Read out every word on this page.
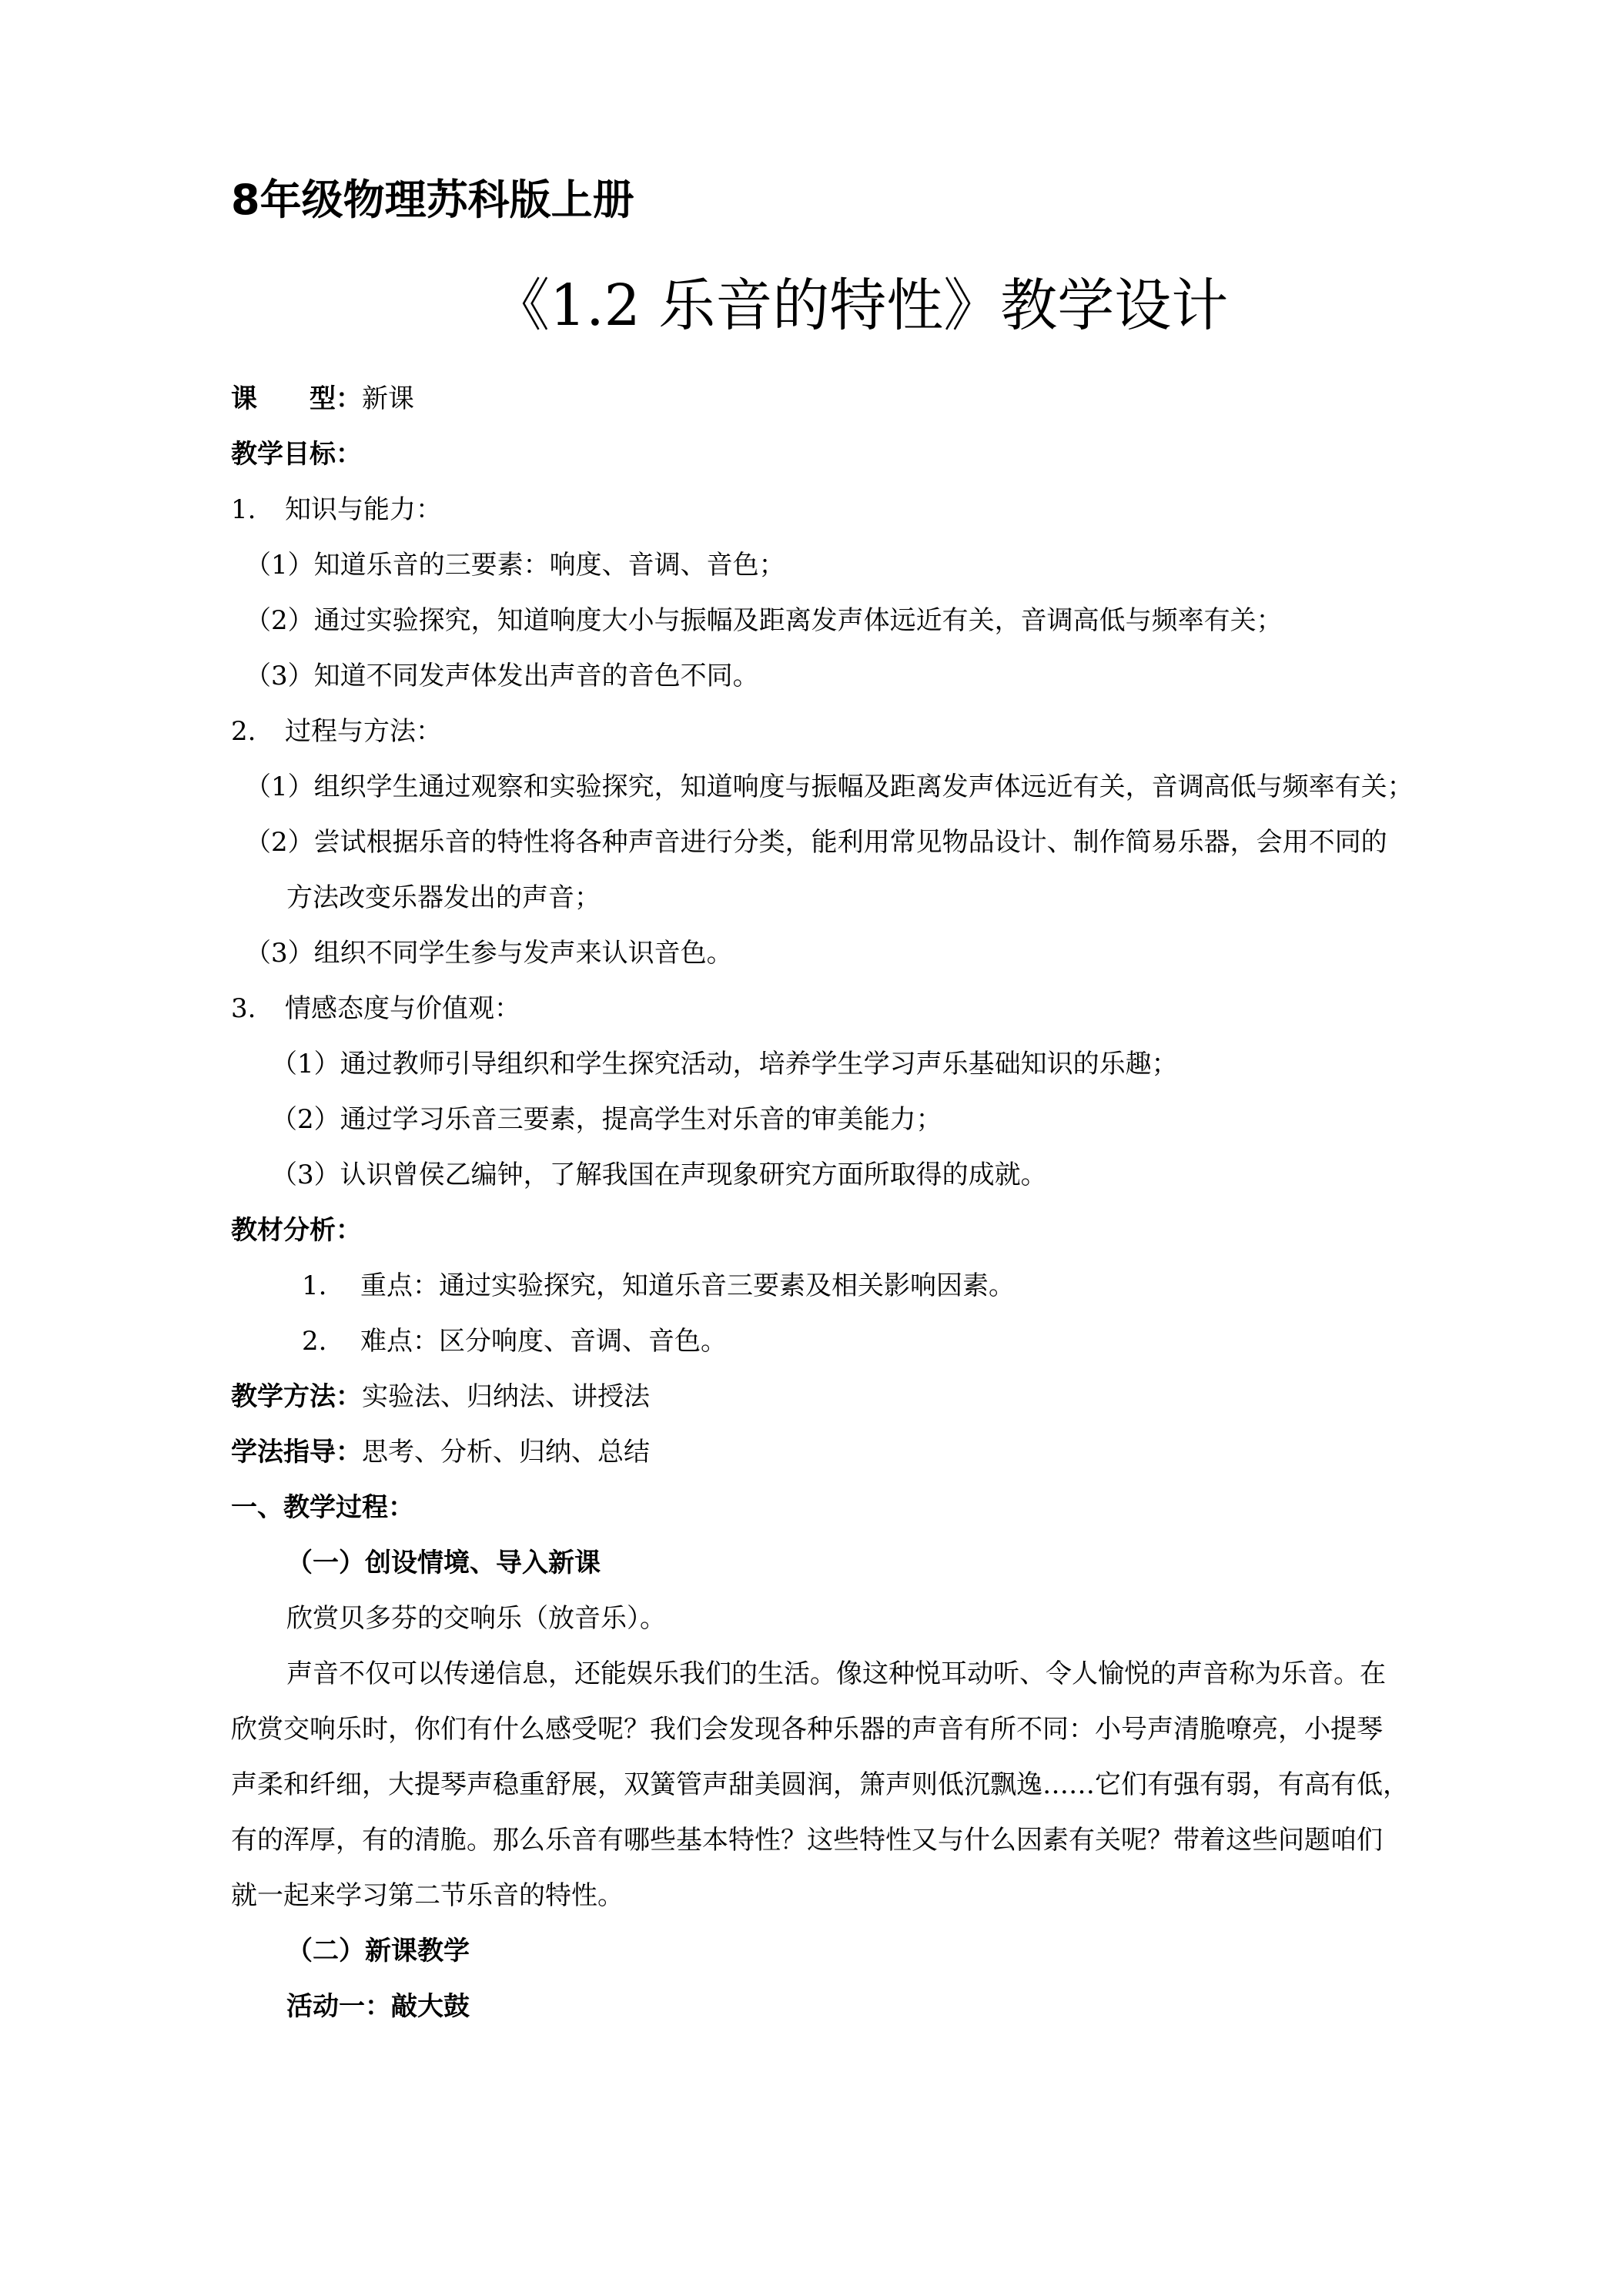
8年级物理苏科版上册
《1.2 乐音的特性》教学设计
课　　型：新课
教学目标：
1. 知识与能力：
（1）知道乐音的三要素：响度、音调、音色；
（2）通过实验探究，知道响度大小与振幅及距离发声体远近有关，音调高低与频率有关；
（3）知道不同发声体发出声音的音色不同。
2. 过程与方法：
（1）组织学生通过观察和实验探究，知道响度与振幅及距离发声体远近有关，音调高低与频率有关；
（2）尝试根据乐音的特性将各种声音进行分类，能利用常见物品设计、制作简易乐器，会用不同的
方法改变乐器发出的声音；
（3）组织不同学生参与发声来认识音色。
3. 情感态度与价值观：
（1）通过教师引导组织和学生探究活动，培养学生学习声乐基础知识的乐趣；
（2）通过学习乐音三要素，提高学生对乐音的审美能力；
（3）认识曾侯乙编钟，了解我国在声现象研究方面所取得的成就。
教材分析：
1. 重点：通过实验探究，知道乐音三要素及相关影响因素。
2. 难点：区分响度、音调、音色。
教学方法：实验法、归纳法、讲授法
学法指导：思考、分析、归纳、总结
一、教学过程：
（一）创设情境、导入新课
欣赏贝多芬的交响乐（放音乐）。
声音不仅可以传递信息，还能娱乐我们的生活。像这种悦耳动听、令人愉悦的声音称为乐音。在
欣赏交响乐时，你们有什么感受呢？我们会发现各种乐器的声音有所不同：小号声清脆嘹亮，小提琴
声柔和纤细，大提琴声稳重舒展，双簧管声甜美圆润，箫声则低沉飘逸……它们有强有弱，有高有低，
有的浑厚，有的清脆。那么乐音有哪些基本特性？这些特性又与什么因素有关呢？带着这些问题咱们
就一起来学习第二节乐音的特性。
（二）新课教学
活动一：敲大鼓
